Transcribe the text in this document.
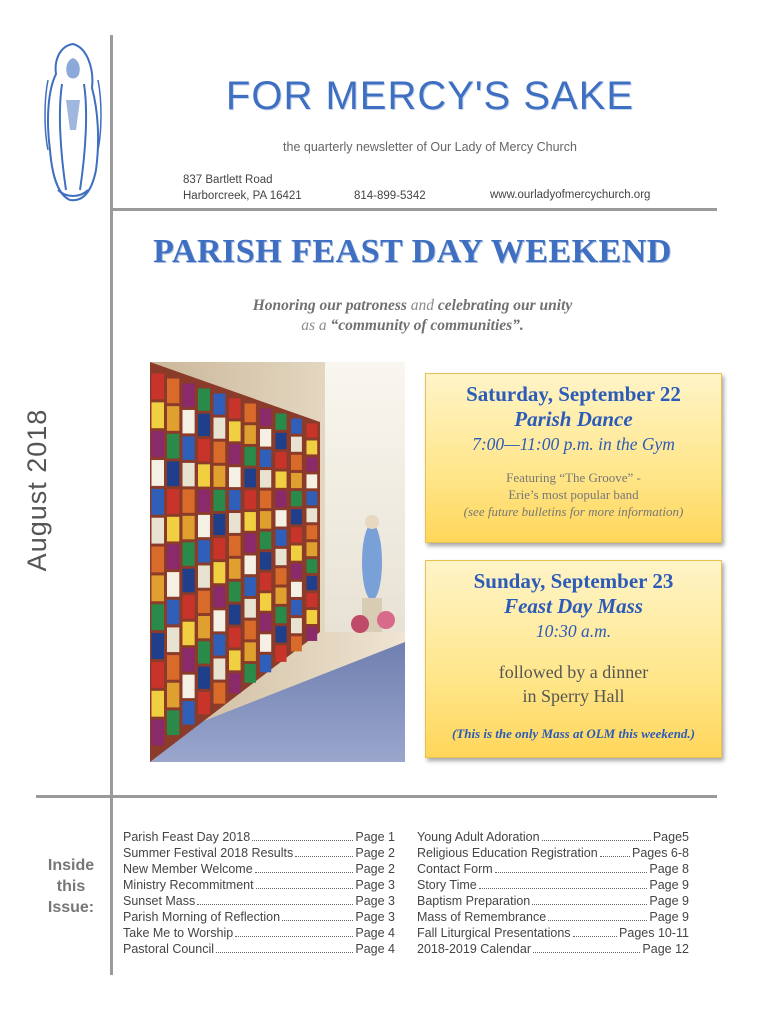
FOR MERCY'S SAKE
the quarterly newsletter of Our Lady of Mercy Church
837 Bartlett Road
Harborcreek, PA 16421	814-899-5342	www.ourladyofmercychurch.org
August 2018
PARISH FEAST DAY WEEKEND
Honoring our patroness and celebrating our unity
as a “community of communities”.
Saturday, September 22
Parish Dance
7:00—11:00 p.m. in the Gym
Featuring “The Groove” -
Erie’s most popular band
(see future bulletins for more information)
Sunday, September 23
Feast Day Mass
10:30 a.m.
followed by a dinner
in Sperry Hall
(This is the only Mass at OLM this weekend.)
Inside
this
Issue:
Parish Feast Day 2018	Page 1
Summer Festival 2018 Results	Page 2
New Member Welcome	Page 2
Ministry Recommitment	Page 3
Sunset Mass	Page 3
Parish Morning of Reflection	Page 3
Take Me to Worship	Page 4
Pastoral Council	Page 4
Young Adult Adoration	Page5
Religious Education Registration	Pages 6-8
Contact Form	Page 8
Story Time	Page 9
Baptism Preparation	Page 9
Mass of Remembrance	Page 9
Fall Liturgical Presentations	Pages 10-11
2018-2019 Calendar	Page 12
